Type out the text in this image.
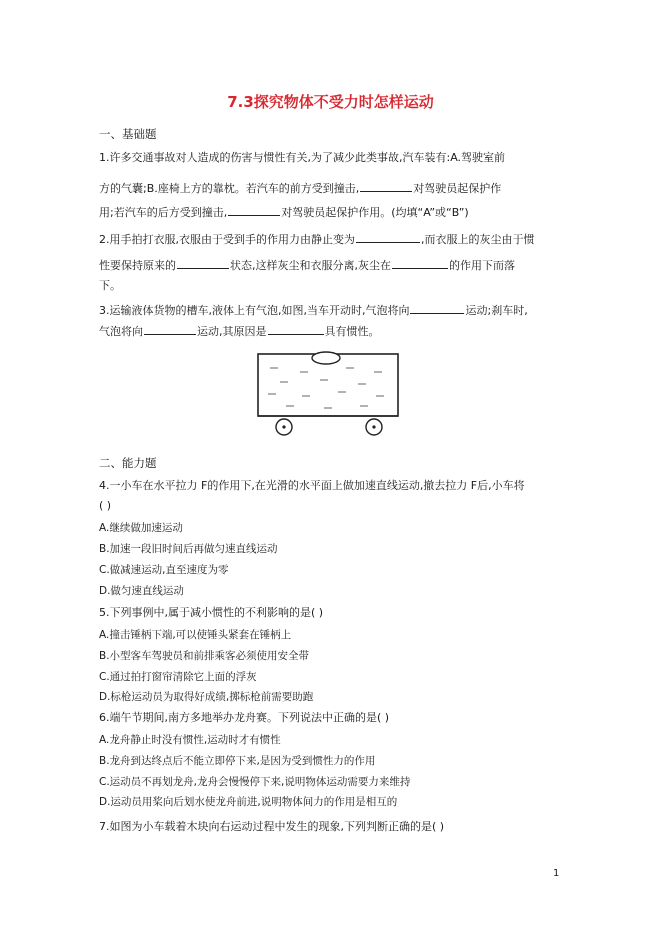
7.3探究物体不受力时怎样运动
一、基础题
1.许多交通事故对人造成的伤害与惯性有关,为了减少此类事故,汽车装有:A.驾驶室前
方的气囊;B.座椅上方的靠枕。若汽车的前方受到撞击,	对驾驶员起保护作
用;若汽车的后方受到撞击,	对驾驶员起保护作用。(均填“A”或“B”)
2.用手拍打衣服,衣服由于受到手的作用力由静止变为	,而衣服上的灰尘由于惯
性要保持原来的	状态,这样灰尘和衣服分离,灰尘在	的作用下而落
下。
3.运输液体货物的槽车,液体上有气泡,如图,当车开动时,气泡将向	运动;刹车时,
气泡将向	运动,其原因是	具有惯性。
二、能力题
4.一小车在水平拉力 F的作用下,在光滑的水平面上做加速直线运动,撤去拉力 F后,小车将
( )
A.继续做加速运动
B.加速一段旧时间后再做匀速直线运动
C.做减速运动,直至速度为零
D.做匀速直线运动
5.下列事例中,属于减小惯性的不利影响的是( )
A.撞击锤柄下端,可以使锤头紧套在锤柄上
B.小型客车驾驶员和前排乘客必须使用安全带
C.通过拍打窗帘清除它上面的浮灰
D.标枪运动员为取得好成绩,掷标枪前需要助跑
6.端午节期间,南方多地举办龙舟赛。下列说法中正确的是( )
A.龙舟静止时没有惯性,运动时才有惯性
B.龙舟到达终点后不能立即停下来,是因为受到惯性力的作用
C.运动员不再划龙舟,龙舟会慢慢停下来,说明物体运动需要力来维持
D.运动员用桨向后划水使龙舟前进,说明物体间力的作用是相互的
7.如图为小车载着木块向右运动过程中发生的现象,下列判断正确的是( )
1
